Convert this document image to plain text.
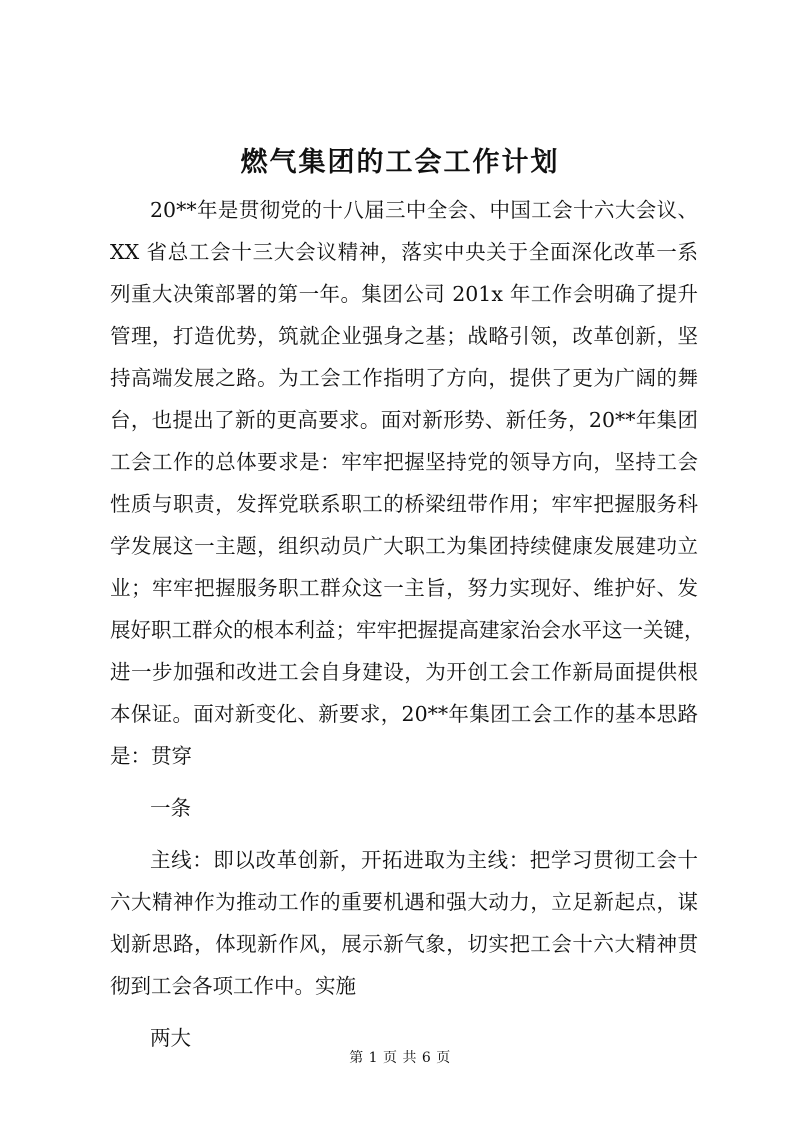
燃气集团的工会工作计划
20**年是贯彻党的十八届三中全会、中国工会十六大会议、
XX 省总工会十三大会议精神，落实中央关于全面深化改革一系
列重大决策部署的第一年。集团公司 201x 年工作会明确了提升
管理，打造优势，筑就企业强身之基；战略引领，改革创新，坚
持高端发展之路。为工会工作指明了方向，提供了更为广阔的舞
台，也提出了新的更高要求。面对新形势、新任务，20**年集团
工会工作的总体要求是：牢牢把握坚持党的领导方向，坚持工会
性质与职责，发挥党联系职工的桥梁纽带作用；牢牢把握服务科
学发展这一主题，组织动员广大职工为集团持续健康发展建功立
业；牢牢把握服务职工群众这一主旨，努力实现好、维护好、发
展好职工群众的根本利益；牢牢把握提高建家治会水平这一关键，
进一步加强和改进工会自身建设，为开创工会工作新局面提供根
本保证。面对新变化、新要求，20**年集团工会工作的基本思路
是：贯穿
一条
主线：即以改革创新，开拓进取为主线：把学习贯彻工会十
六大精神作为推动工作的重要机遇和强大动力，立足新起点，谋
划新思路，体现新作风，展示新气象，切实把工会十六大精神贯
彻到工会各项工作中。实施
两大
第 1 页 共 6 页
